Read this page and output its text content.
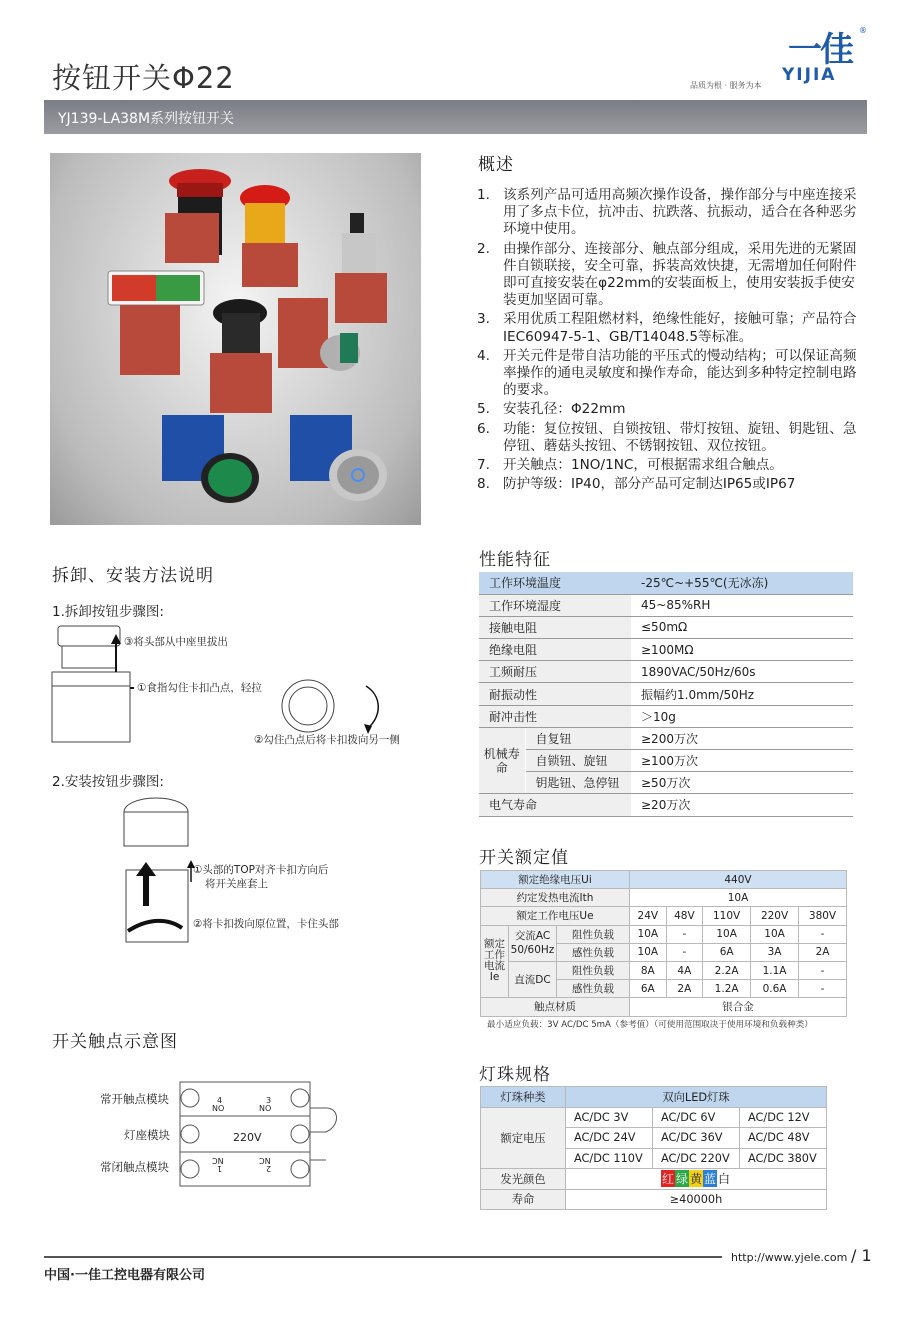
按钮开关Φ22
一佳
YIJIA
®
品质为根 · 服务为本
YJ139-LA38M系列按钮开关
概述
1. 该系列产品可适用高频次操作设备，操作部分与中座连接采用了多点卡位，抗冲击、抗跌落、抗振动，适合在各种恶劣环境中使用。
2. 由操作部分、连接部分、触点部分组成，采用先进的无紧固件自锁联接，安全可靠，拆装高效快捷，无需增加任何附件即可直接安装在φ22mm的安装面板上，使用安装扳手使安装更加坚固可靠。
3. 采用优质工程阻燃材料，绝缘性能好，接触可靠；产品符合IEC60947-5-1、GB/T14048.5等标准。
4. 开关元件是带自洁功能的平压式的慢动结构；可以保证高频率操作的通电灵敏度和操作寿命，能达到多种特定控制电路的要求。
5. 安装孔径：Φ22mm
6. 功能：复位按钮、自锁按钮、带灯按钮、旋钮、钥匙钮、急停钮、蘑菇头按钮、不锈钢按钮、双位按钮。
7. 开关触点：1NO/1NC，可根据需求组合触点。
8. 防护等级：IP40，部分产品可定制达IP65或IP67
拆卸、安装方法说明
1.拆卸按钮步骤图:
③将头部从中座里拔出
①食指勾住卡扣凸点，轻拉
②勾住凸点后将卡扣拨向另一侧
2.安装按钮步骤图:
①头部的TOP对齐卡扣方向后
将开关座套上
②将卡扣拨向原位置，卡住头部
开关触点示意图
常开触点模块
灯座模块
常闭触点模块
4
NO
3
NO
220V
NC
1
NC
2
性能特征
工作环境温度		-25℃~+55℃(无冰冻)
工作环境湿度		45~85%RH
接触电阻		≤50mΩ
绝缘电阻		≥100MΩ
工频耐压		1890VAC/50Hz/60s
耐振动性		振幅约1.0mm/50Hz
耐冲击性		＞10g
机械寿命	自复钮	≥200万次
	自锁钮、旋钮	≥100万次
	钥匙钮、急停钮	≥50万次
电气寿命		≥20万次
开关额定值
额定绝缘电压Ui			440V				
约定发热电流Ith			10A				
额定工作电压Ue			24V	48V	110V	220V	380V
额定工作电流Ie	交流AC 50/60Hz	阻性负载	10A	-	10A	10A	-
		感性负载	10A	-	6A	3A	2A
	直流DC	阻性负载	8A	4A	2.2A	1.1A	-
		感性负载	6A	2A	1.2A	0.6A	-
触点材质			银合金				
最小适应负载：3V AC/DC 5mA（参考值）（可使用范围取决于使用环境和负载种类）
灯珠规格
灯珠种类	双向LED灯珠		
额定电压	AC/DC 3V	AC/DC 6V	AC/DC 12V
	AC/DC 24V	AC/DC 36V	AC/DC 48V
	AC/DC 110V	AC/DC 220V	AC/DC 380V
发光颜色	红 绿 黄 蓝 白		
寿命	≥40000h		
中国·一佳工控电器有限公司
http://www.yjele.com / 1
